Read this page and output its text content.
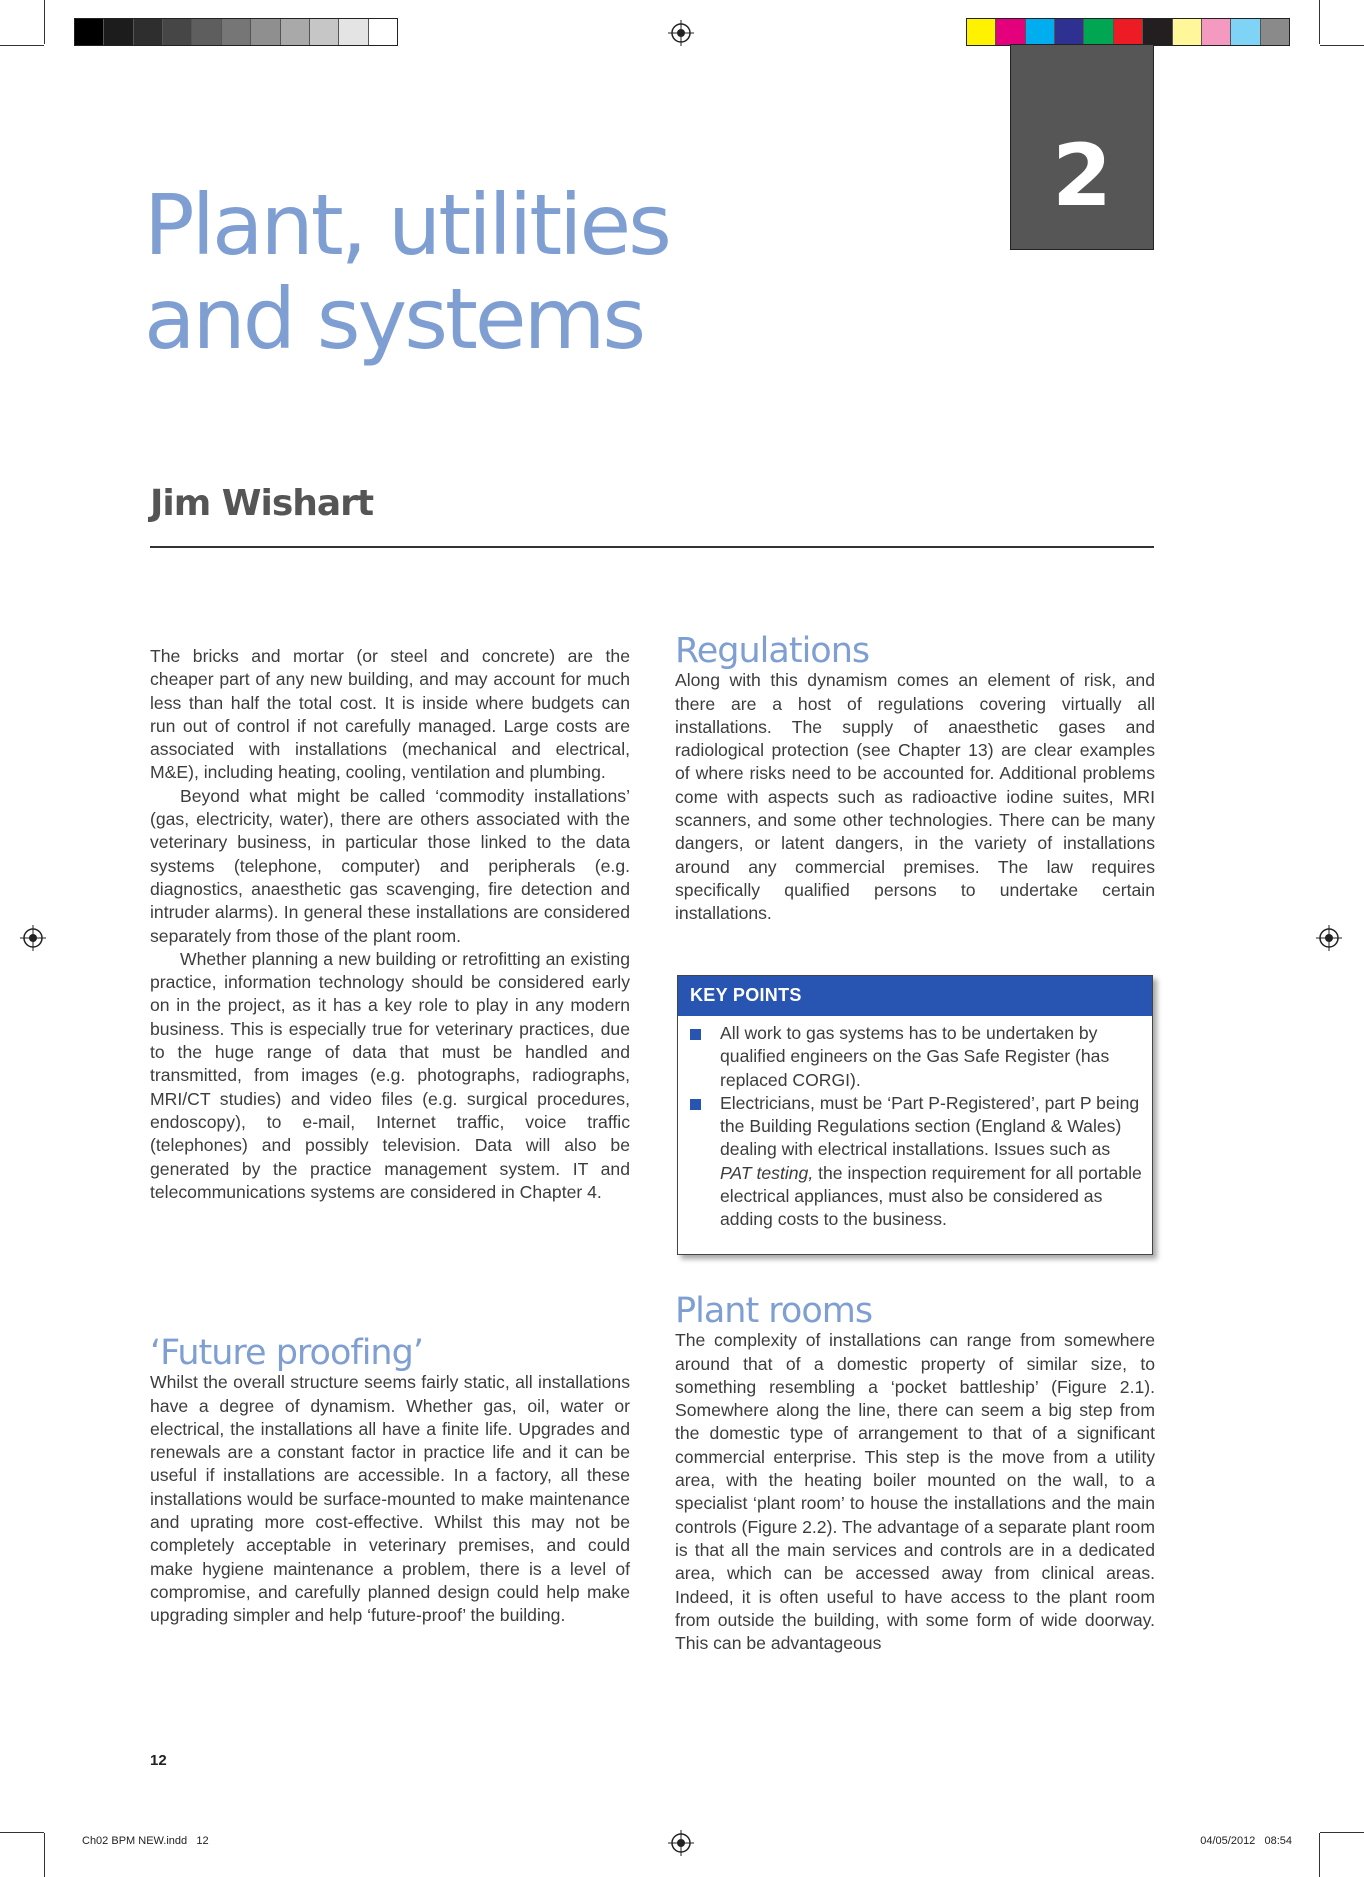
2
Plant, utilities
and systems
Jim Wishart

The bricks and mortar (or steel and concrete) are the cheaper part of any new building, and may account for much less than half the total cost. It is inside where budgets can run out of control if not carefully managed. Large costs are associated with installations (mechanical and electrical, M&E), including heating, cooling, ventilation and plumbing.

Beyond what might be called ‘commodity installations’ (gas, electricity, water), there are others associated with the veterinary business, in particular those linked to the data systems (telephone, computer) and peripherals (e.g. diagnostics, anaesthetic gas scavenging, fire detection and intruder alarms). In general these installations are considered separately from those of the plant room.

Whether planning a new building or retrofitting an existing practice, information technology should be considered early on in the project, as it has a key role to play in any modern business. This is especially true for veterinary practices, due to the huge range of data that must be handled and transmitted, from images (e.g. photographs, radiographs, MRI/CT studies) and video files (e.g. surgical procedures, endoscopy), to e-mail, Internet traffic, voice traffic (telephones) and possibly television. Data will also be generated by the practice management system. IT and telecommunications systems are considered in Chapter 4.

‘Future proofing’

Whilst the overall structure seems fairly static, all installations have a degree of dynamism. Whether gas, oil, water or electrical, the installations all have a finite life. Upgrades and renewals are a constant factor in practice life and it can be useful if installations are accessible. In a factory, all these installations would be surface-mounted to make maintenance and uprating more cost-effective. Whilst this may not be completely acceptable in veterinary premises, and could make hygiene maintenance a problem, there is a level of compromise, and carefully planned design could help make upgrading simpler and help ‘future-proof’ the building.

Regulations

Along with this dynamism comes an element of risk, and there are a host of regulations covering virtually all installations. The supply of anaesthetic gases and radiological protection (see Chapter 13) are clear examples of where risks need to be accounted for. Additional problems come with aspects such as radioactive iodine suites, MRI scanners, and some other technologies. There can be many dangers, or latent dangers, in the variety of installations around any commercial premises. The law requires specifically qualified persons to undertake certain installations.

KEY POINTS
All work to gas systems has to be undertaken by qualified engineers on the Gas Safe Register (has replaced CORGI).
Electricians, must be ‘Part P-Registered’, part P being the Building Regulations section (England & Wales) dealing with electrical installations. Issues such as PAT testing, the inspection requirement for all portable electrical appliances, must also be considered as adding costs to the business.
Plant rooms

The complexity of installations can range from somewhere around that of a domestic property of similar size, to something resembling a ‘pocket battleship’ (Figure 2.1). Somewhere along the line, there can seem a big step from the domestic type of arrangement to that of a significant commercial enterprise. This step is the move from a utility area, with the heating boiler mounted on the wall, to a specialist ‘plant room’ to house the installations and the main controls (Figure 2.2). The advantage of a separate plant room is that all the main services and controls are in a dedicated area, which can be accessed away from clinical areas. Indeed, it is often useful to have access to the plant room from outside the building, with some form of wide doorway. This can be advantageous

12
Ch02 BPM NEW.indd   12	04/05/2012   08:54
